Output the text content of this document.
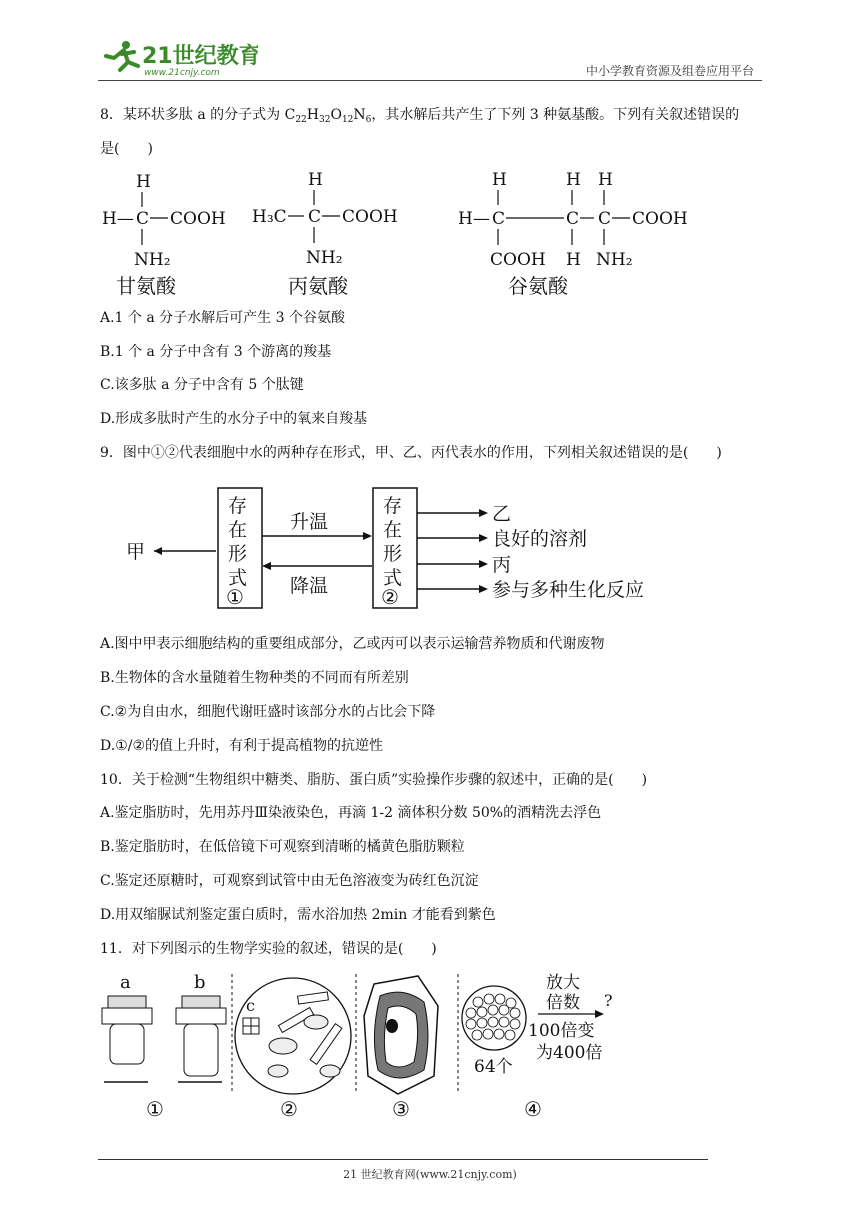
21世纪教育
www.21cnjy.com	中小学教育资源及组卷应用平台
8．某环状多肽 a 的分子式为 $C_{22}H_{32}O_{12}N_6$，其水解后共产生了下列 3 种氨基酸。下列有关叙述错误的
是(　　)
H
H— C COOH
NH₂
甘氨酸
H
H₃C C COOH
NH₂
丙氨酸
H
H— C
H
C
H
C COOH
COOH H NH₂
谷氨酸
A.1 个 a 分子水解后可产生 3 个谷氨酸
B.1 个 a 分子中含有 3 个游离的羧基
C.该多肽 a 分子中含有 5 个肽键
D.形成多肽时产生的水分子中的氧来自羧基
9．图中①②代表细胞中水的两种存在形式，甲、乙、丙代表水的作用，下列相关叙述错误的是(　　)
甲
存
在
形
式
①
升温
降温
存
在
形
式
②
乙
良好的溶剂
丙
参与多种生化反应
A.图中甲表示细胞结构的重要组成部分，乙或丙可以表示运输营养物质和代谢废物
B.生物体的含水量随着生物种类的不同而有所差别
C.②为自由水，细胞代谢旺盛时该部分水的占比会下降
D.①/②的值上升时，有利于提高植物的抗逆性
10．关于检测“生物组织中糖类、脂肪、蛋白质”实验操作步骤的叙述中，正确的是(　　)
A.鉴定脂肪时，先用苏丹Ⅲ染液染色，再滴 1-2 滴体积分数 50%的酒精洗去浮色
B.鉴定脂肪时，在低倍镜下可观察到清晰的橘黄色脂肪颗粒
C.鉴定还原糖时，可观察到试管中由无色溶液变为砖红色沉淀
D.用双缩脲试剂鉴定蛋白质时，需水浴加热 2min 才能看到紫色
11．对下列图示的生物学实验的叙述，错误的是(　　)
a	b
①
c
②	③
64个
放大
倍数 ?
100倍变
为400倍
④
21 世纪教育网(www.21cnjy.com)
